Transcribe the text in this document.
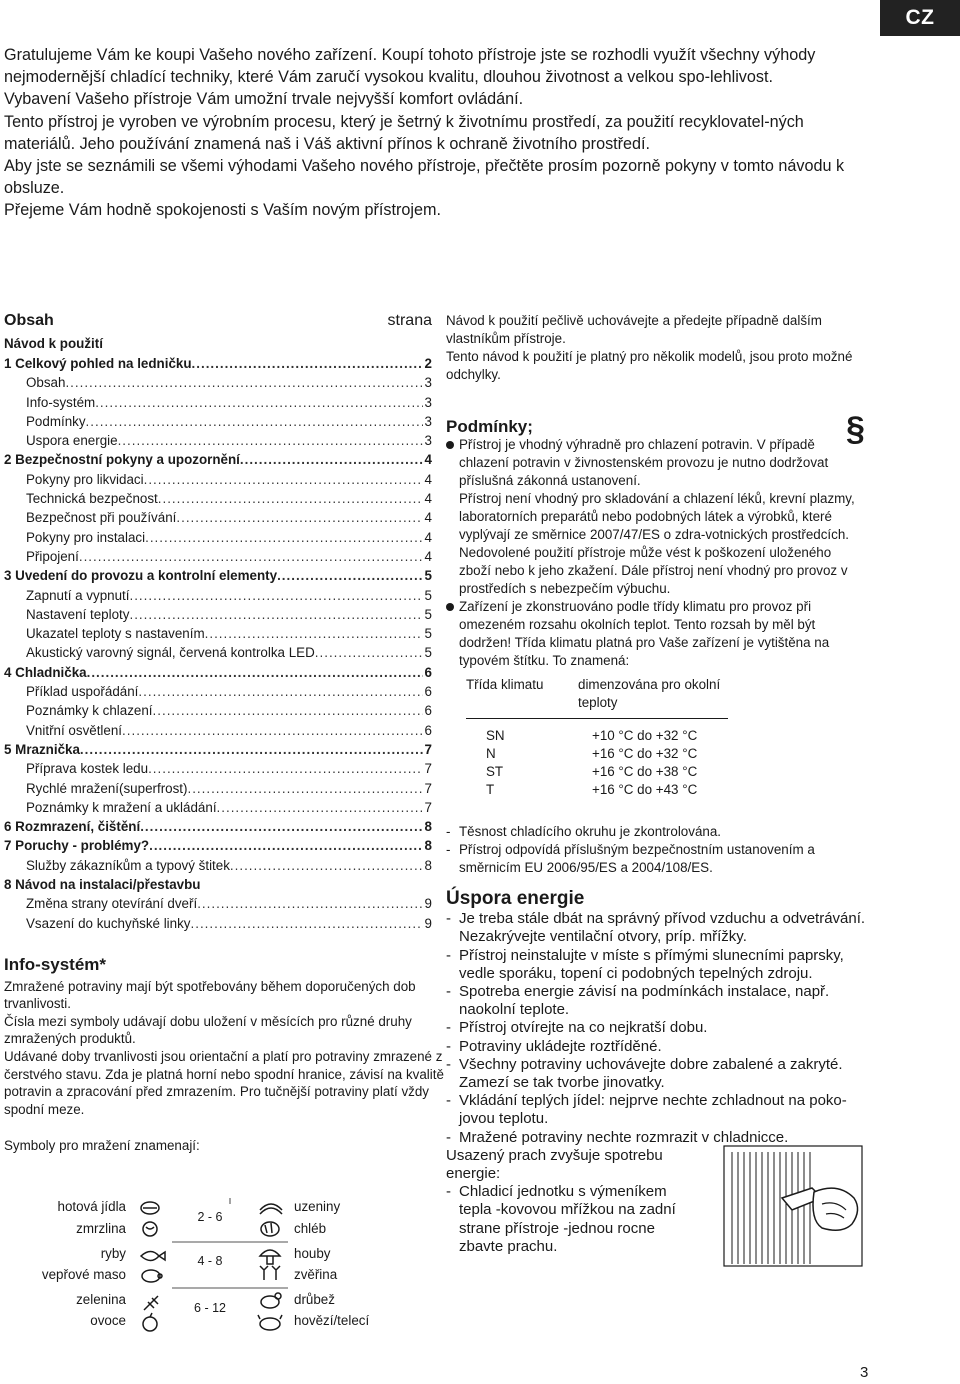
CZ

Gratulujeme Vám ke koupi Vašeho nového zařízení. Koupí tohoto přístroje jste se rozhodli využít všechny výhody nejmodernější chladící techniky, které Vám zaručí vysokou kvalitu, dlouhou životnost a velkou spo-lehlivost.

Vybavení Vašeho přístroje Vám umožní trvale nejvyšší komfort ovládání.

Tento přístroj je vyroben ve výrobním procesu, který je šetrný k životnímu prostředí, za použití recyklovatel-ných materiálů. Jeho používání znamená naš i Váš aktivní přínos k ochraně životního prostředí.

Aby jste se seznámili se všemi výhodami Vašeho nového přístroje, přečtěte prosím pozorně pokyny v tomto návodu k obsluze.

Přejeme Vám hodně spokojenosti s Vaším novým přístrojem.

Obsah	strana
Návod k použití
1 Celkový pohled na ledničku .....	2
Obsah .....	3
Info-systém .....	3
Podmínky .....	3
Uspora energie .....	3
2 Bezpečnostní pokyny a upozornění .....	4
Pokyny pro likvidaci .....	4
Technická bezpečnost .....	4
Bezpečnost při používání .....	4
Pokyny pro instalaci .....	4
Připojení .....	4
3 Uvedení do provozu a kontrolní elementy .....	5
Zapnutí a vypnutí .....	5
Nastavení teploty .....	5
Ukazatel teploty s nastavením .....	5
Akustický varovný signál, červená kontrolka LED .....	5
4 Chladnička .....	6
Příklad uspořádání .....	6
Poznámky k chlazení .....	6
Vnitřní osvětlení .....	6
5 Mraznička .....	7
Příprava kostek ledu .....	7
Rychlé mražení(superfrost) .....	7
Poznámky k mražení a ukládání .....	7
6 Rozmrazení, čištění .....	8
7 Poruchy - problémy? .....	8
Služby zákazníkům a typový štitek .....	8
8 Návod na instalaci/přestavbu
Změna strany otevírání dveří .....	9
Vsazení do kuchyňské linky .....	9
Info-systém*

Zmražené potraviny mají být spotřebovány během doporučených dob trvanlivosti.

Čísla mezi symboly udávají dobu uložení v měsících pro různé druhy zmražených produktů.

Udávané doby trvanlivosti jsou orientační a platí pro potraviny zmrazené z čerstvého stavu. Zda je platná horní nebo spodní hranice, závisí na kvalitě potravin a zpracování před zmrazením. Pro tučnější potraviny platí vždy spodní meze.

Symboly pro mražení znamenají:
hotová jídla
zmrzlina
ryby
vepřové maso
zelenina
ovoce
2 - 6
4 - 8
6 - 12
uzeniny
chléb
houby
zvěřina
drůbež
hovězí/telecí

Návod k použití pečlivě uchovávejte a předejte případně dalším vlastníkům přístroje.

Tento návod k použití je platný pro několik modelů, jsou proto možné odchylky.

Podmínky;	§

Přístroj je vhodný výhradně pro chlazení potravin. V případě chlazení potravin v živnostenském provozu je nutno dodržovat příslušná zákonná ustanovení.

Přístroj není vhodný pro skladování a chlazení léků, krevní plazmy, laboratorních preparátů nebo podobných látek a výrobků, které vyplývají ze směrnice 2007/47/ES o zdra-votnických prostředcích. Nedovolené použití přístroje může vést k poškození uloženého zboží nebo k jeho zkažení. Dále přístroj není vhodný pro provoz v prostředích s nebezpečím výbuchu.

Zařízení je zkonstruováno podle třídy klimatu pro provoz při omezeném rozsahu okolních teplot. Tento rozsah by měl být dodržen! Třída klimatu platná pro Vaše zařízení je vytištěna na typovém štítku. To znamená:

Třída klimatu	dimenzována pro okolní teploty

SN	+10 °C do +32 °C
N	+16 °C do +32 °C
ST	+16 °C do +38 °C
T	+16 °C do +43 °C

- Těsnost chladícího okruhu je zkontrolována.

- Přístroj odpovídá příslušným bezpečnostním ustanovením a směrnicím EU 2006/95/ES a 2004/108/ES.

Úspora energie
- Je treba stále dbát na správný přívod vzduchu a odvetrávání. Nezakrývejte ventilační otvory, príp. mřížky.
- Přístroj neinstalujte v míste s přímými slunecními paprsky, vedle sporáku, topení ci podobných tepelných zdroju.
- Spotreba energie závisí na podmínkách instalace, např. naokolní teplote.
- Přístroj otvírejte na co nejkratší dobu.
- Potraviny ukládejte roztříděné.
- Všechny potraviny uchovávejte dobre zabalené a zakryté. Zamezí se tak tvorbe jinovatky.
- Vkládání teplých jídel: nejprve nechte zchladnout na poko-jovou teplotu.
- Mražené potraviny nechte rozmrazit v chladnicce.
Usazený prach zvyšuje spotrebu energie:
- Chladicí jednotku s výmeníkem tepla -kovovou mřížkou na zadní strane přístroje -jednou rocne zbavte prachu.
3
